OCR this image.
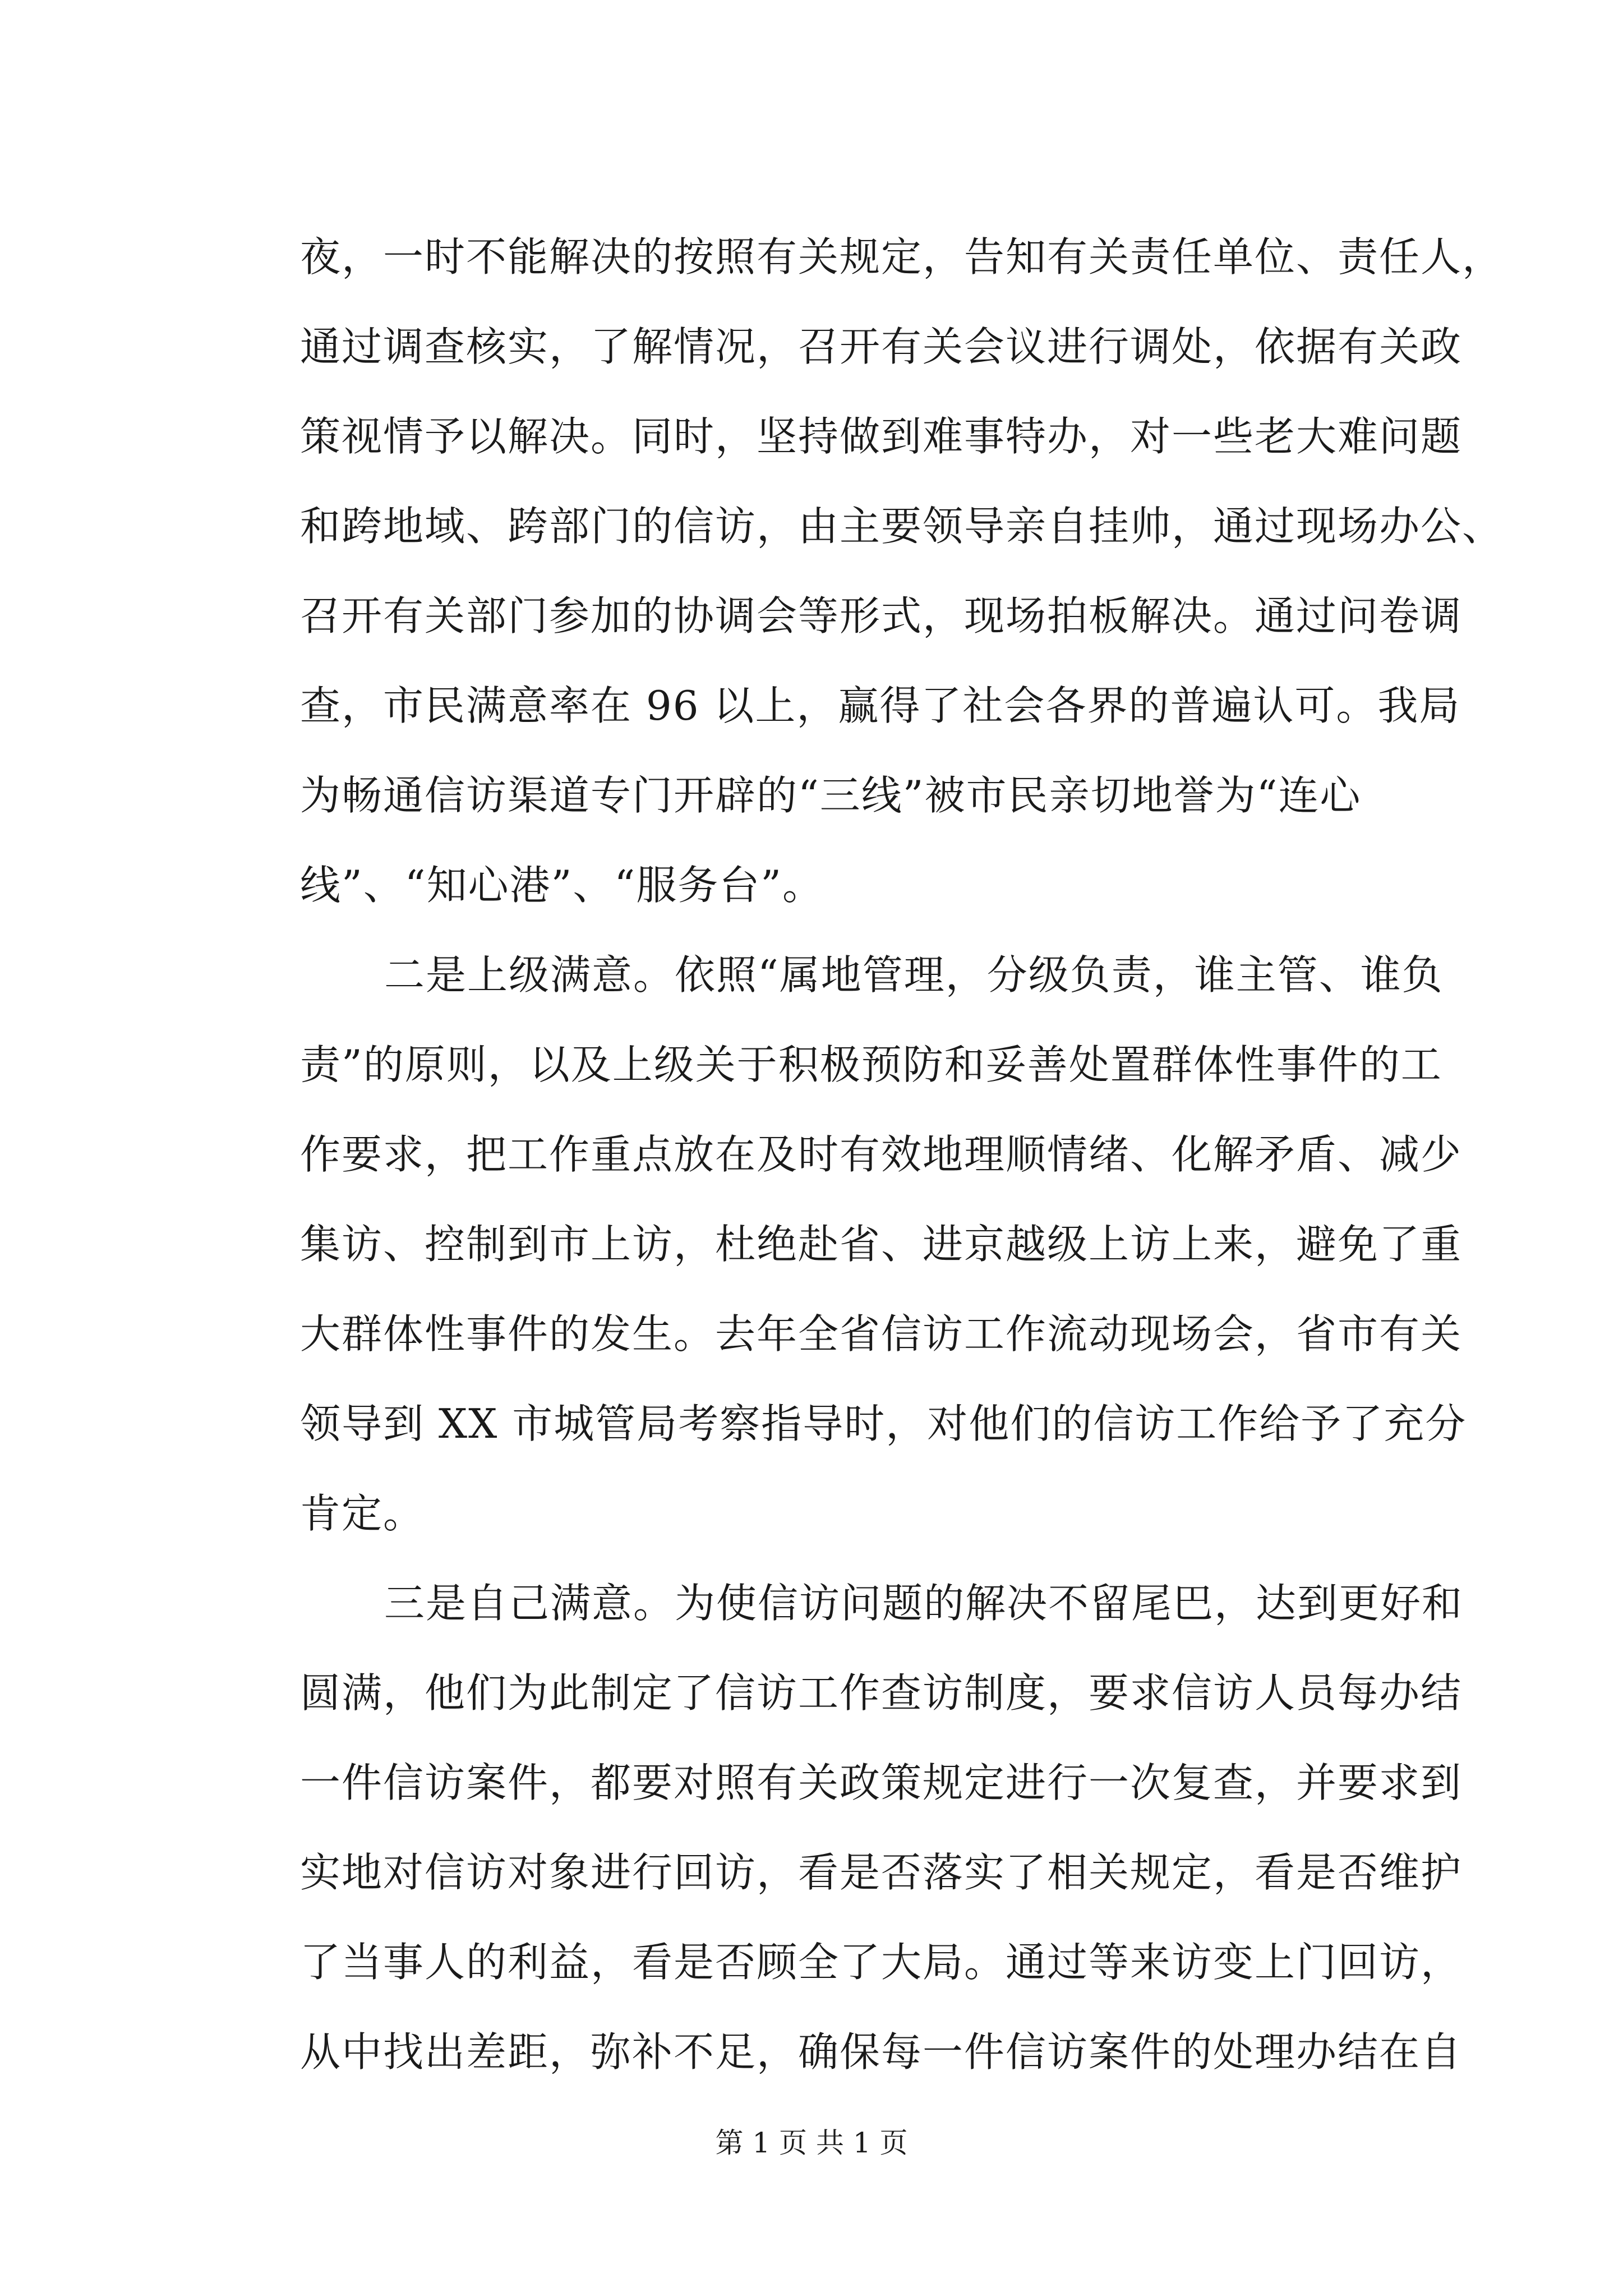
夜，一时不能解决的按照有关规定，告知有关责任单位、责任人，
通过调查核实，了解情况，召开有关会议进行调处，依据有关政
策视情予以解决。同时，坚持做到难事特办，对一些老大难问题
和跨地域、跨部门的信访，由主要领导亲自挂帅，通过现场办公、
召开有关部门参加的协调会等形式，现场拍板解决。通过问卷调
查，市民满意率在 96 以上，赢得了社会各界的普遍认可。我局
为畅通信访渠道专门开辟的“三线”被市民亲切地誉为“连心
线”、“知心港”、“服务台”。
二是上级满意。依照“属地管理，分级负责，谁主管、谁负
责”的原则，以及上级关于积极预防和妥善处置群体性事件的工
作要求，把工作重点放在及时有效地理顺情绪、化解矛盾、减少
集访、控制到市上访，杜绝赴省、进京越级上访上来，避免了重
大群体性事件的发生。去年全省信访工作流动现场会，省市有关
领导到 XX 市城管局考察指导时，对他们的信访工作给予了充分
肯定。
三是自己满意。为使信访问题的解决不留尾巴，达到更好和
圆满，他们为此制定了信访工作查访制度，要求信访人员每办结
一件信访案件，都要对照有关政策规定进行一次复查，并要求到
实地对信访对象进行回访，看是否落实了相关规定，看是否维护
了当事人的利益，看是否顾全了大局。通过等来访变上门回访，
从中找出差距，弥补不足，确保每一件信访案件的处理办结在自
第 1 页 共 1 页
